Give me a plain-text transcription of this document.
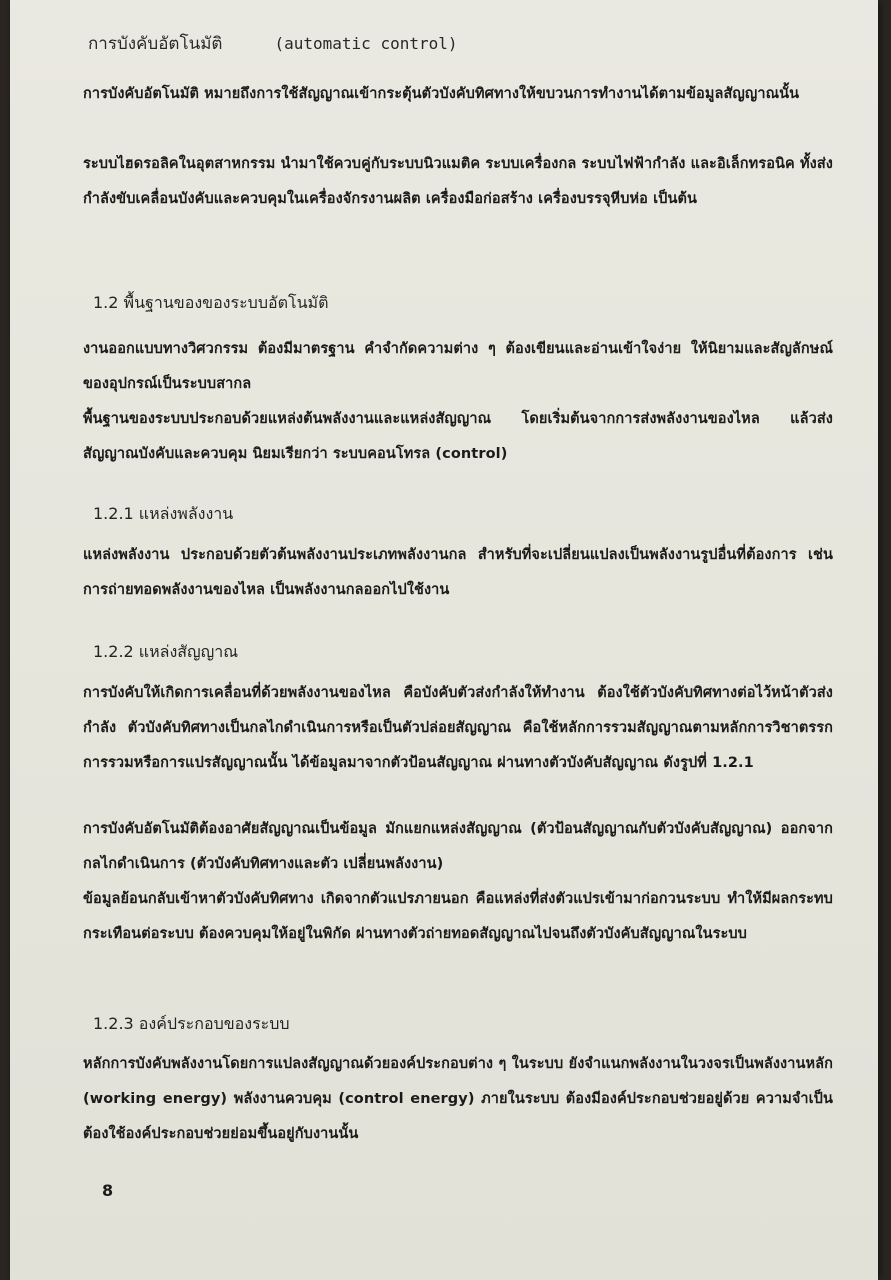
การบังคับอัตโนมัติ	(automatic control)
การบังคับอัตโนมัติ หมายถึงการใช้สัญญาณเข้ากระตุ้นตัวบังคับทิศทางให้ขบวนการทำงานได้ตามข้อมูลสัญญาณนั้น
ระบบไฮดรอลิคในอุตสาหกรรม นำมาใช้ควบคู่กับระบบนิวแมติค ระบบเครื่องกล ระบบไฟฟ้ากำลัง และอิเล็กทรอนิค ทั้งส่งกำลังขับเคลื่อนบังคับและควบคุมในเครื่องจักรงานผลิต เครื่องมือก่อสร้าง เครื่องบรรจุหีบห่อ เป็นต้น
1.2 พื้นฐานของของระบบอัตโนมัติ
งานออกแบบทางวิศวกรรม ต้องมีมาตรฐาน คำจำกัดความต่าง ๆ ต้องเขียนและอ่านเข้าใจง่าย ให้นิยามและสัญลักษณ์ของอุปกรณ์เป็นระบบสากล
พื้นฐานของระบบประกอบด้วยแหล่งต้นพลังงานและแหล่งสัญญาณ โดยเริ่มต้นจากการส่งพลังงานของไหล แล้วส่งสัญญาณบังคับและควบคุม นิยมเรียกว่า ระบบคอนโทรล (control)
1.2.1 แหล่งพลังงาน
แหล่งพลังงาน ประกอบด้วยตัวต้นพลังงานประเภทพลังงานกล สำหรับที่จะเปลี่ยนแปลงเป็นพลังงานรูปอื่นที่ต้องการ เช่นการถ่ายทอดพลังงานของไหล เป็นพลังงานกลออกไปใช้งาน
1.2.2 แหล่งสัญญาณ
การบังคับให้เกิดการเคลื่อนที่ด้วยพลังงานของไหล คือบังคับตัวส่งกำลังให้ทำงาน ต้องใช้ตัวบังคับทิศทางต่อไว้หน้าตัวส่งกำลัง ตัวบังคับทิศทางเป็นกลไกดำเนินการหรือเป็นตัวปล่อยสัญญาณ คือใช้หลักการรวมสัญญาณตามหลักการวิชาตรรก การรวมหรือการแปรสัญญาณนั้น ได้ข้อมูลมาจากตัวป้อนสัญญาณ ผ่านทางตัวบังคับสัญญาณ ดังรูปที่ 1.2.1
การบังคับอัตโนมัติต้องอาศัยสัญญาณเป็นข้อมูล มักแยกแหล่งสัญญาณ (ตัวป้อนสัญญาณกับตัวบังคับสัญญาณ) ออกจากกลไกดำเนินการ (ตัวบังคับทิศทางและตัว เปลี่ยนพลังงาน)
ข้อมูลย้อนกลับเข้าหาตัวบังคับทิศทาง เกิดจากตัวแปรภายนอก คือแหล่งที่ส่งตัวแปรเข้ามาก่อกวนระบบ ทำให้มีผลกระทบกระเทือนต่อระบบ ต้องควบคุมให้อยู่ในพิกัด ผ่านทางตัวถ่ายทอดสัญญาณไปจนถึงตัวบังคับสัญญาณในระบบ
1.2.3 องค์ประกอบของระบบ
หลักการบังคับพลังงานโดยการแปลงสัญญาณด้วยองค์ประกอบต่าง ๆ ในระบบ ยังจำแนกพลังงานในวงจรเป็นพลังงานหลัก (working energy) พลังงานควบคุม (control energy) ภายในระบบ ต้องมีองค์ประกอบช่วยอยู่ด้วย ความจำเป็นต้องใช้องค์ประกอบช่วยย่อมขึ้นอยู่กับงานนั้น
8
